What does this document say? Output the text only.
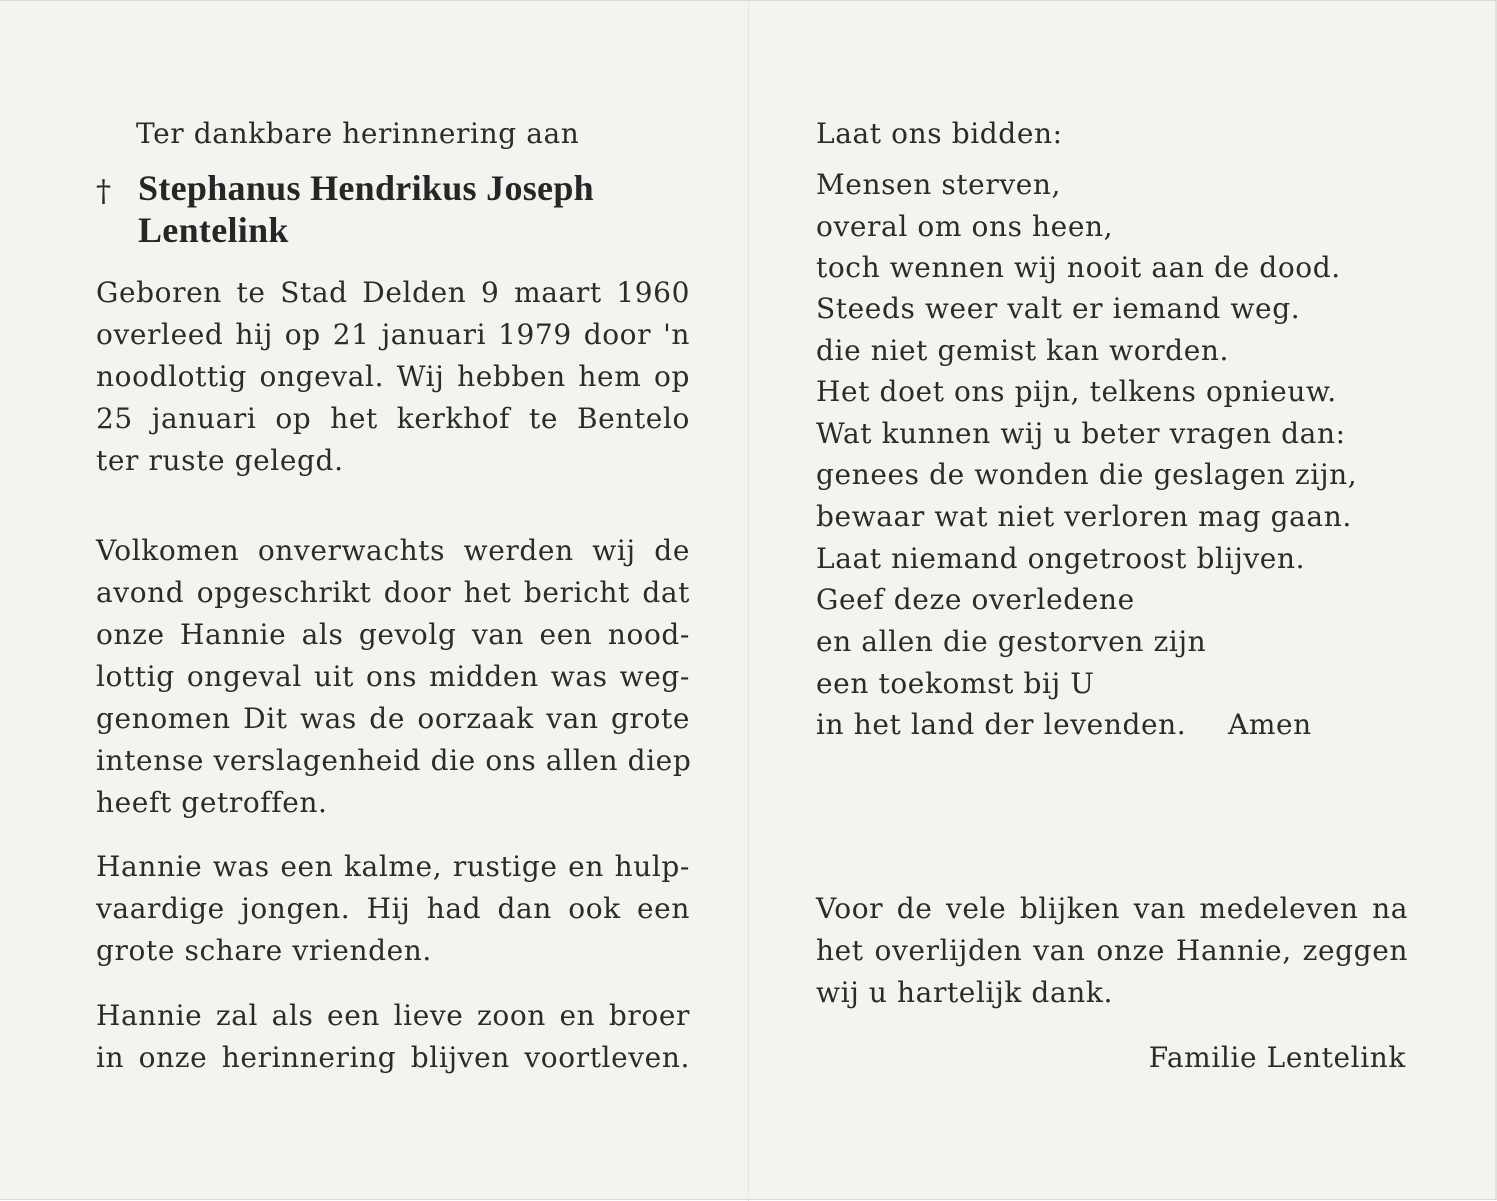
Ter dankbare herinnering aan
† Stephanus Hendrikus Joseph
Lentelink
Geboren te Stad Delden 9 maart 1960
overleed hij op 21 januari 1979 door 'n
noodlottig ongeval. Wij hebben hem op
25 januari op het kerkhof te Bentelo
ter ruste gelegd.
Volkomen onverwachts werden wij de
avond opgeschrikt door het bericht dat
onze Hannie als gevolg van een nood-
lottig ongeval uit ons midden was weg-
genomen Dit was de oorzaak van grote
intense verslagenheid die ons allen diep
heeft getroffen.
Hannie was een kalme, rustige en hulp-
vaardige jongen. Hij had dan ook een
grote schare vrienden.
Hannie zal als een lieve zoon en broer
in onze herinnering blijven voortleven.
Laat ons bidden:
Mensen sterven,
overal om ons heen,
toch wennen wij nooit aan de dood.
Steeds weer valt er iemand weg.
die niet gemist kan worden.
Het doet ons pijn, telkens opnieuw.
Wat kunnen wij u beter vragen dan:
genees de wonden die geslagen zijn,
bewaar wat niet verloren mag gaan.
Laat niemand ongetroost blijven.
Geef deze overledene
en allen die gestorven zijn
een toekomst bij U
in het land der levenden.	Amen
Voor de vele blijken van medeleven na
het overlijden van onze Hannie, zeggen
wij u hartelijk dank.
Familie Lentelink
